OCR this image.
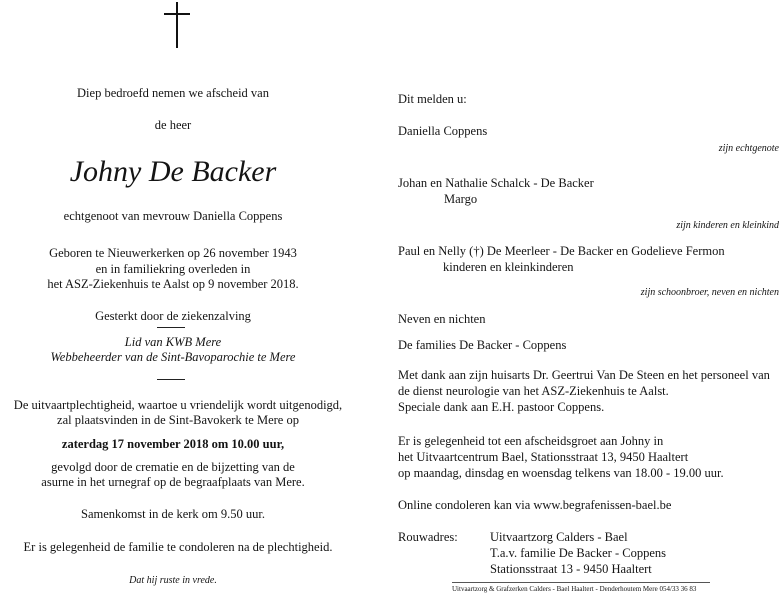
Diep bedroefd nemen we afscheid van
de heer
Johny De Backer
echtgenoot van mevrouw Daniella Coppens
Geboren te Nieuwerkerken op 26 november 1943
en in familiekring overleden in
het ASZ-Ziekenhuis te Aalst op 9 november 2018.
Gesterkt door de ziekenzalving
Lid van KWB Mere
Webbeheerder van de Sint-Bavoparochie te Mere
De uitvaartplechtigheid, waartoe u vriendelijk wordt uitgenodigd,
zal plaatsvinden in de Sint-Bavokerk te Mere op
zaterdag 17 november 2018 om 10.00 uur,
gevolgd door de crematie en de bijzetting van de
asurne in het urnegraf op de begraafplaats van Mere.
Samenkomst in de kerk om 9.50 uur.
Er is gelegenheid de familie te condoleren na de plechtigheid.
Dat hij ruste in vrede.
Dit melden u:
Daniella Coppens
zijn echtgenote
Johan en Nathalie Schalck - De Backer
Margo
zijn kinderen en kleinkind
Paul en Nelly (†) De Meerleer - De Backer en Godelieve Fermon
kinderen en kleinkinderen
zijn schoonbroer, neven en nichten
Neven en nichten
De families De Backer - Coppens
Met dank aan zijn huisarts Dr. Geertrui Van De Steen en het personeel van
de dienst neurologie van het ASZ-Ziekenhuis te Aalst.
Speciale dank aan E.H. pastoor Coppens.
Er is gelegenheid tot een afscheidsgroet aan Johny in
het Uitvaartcentrum Bael, Stationsstraat 13, 9450 Haaltert
op maandag, dinsdag en woensdag telkens van 18.00 - 19.00 uur.
Online condoleren kan via www.begrafenissen-bael.be
Rouwadres:	Uitvaartzorg Calders - Bael
T.a.v. familie De Backer - Coppens
Stationsstraat 13 - 9450 Haaltert
Uitvaartzorg & Grafzerken Calders - Bael Haaltert - Denderhoutem Mere 054/33 36 83
